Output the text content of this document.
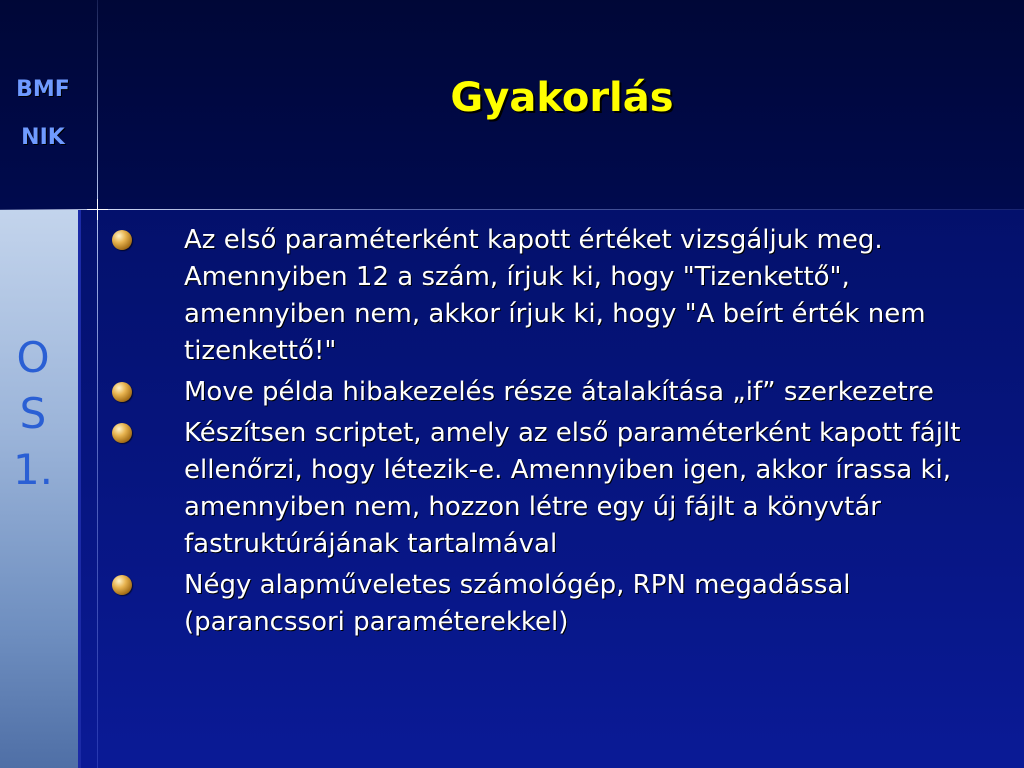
BMF
NIK
O
S
1.
Gyakorlás
Az első paraméterként kapott értéket vizsgáljuk meg. Amennyiben 12 a szám, írjuk ki, hogy "Tizenkettő", amennyiben nem, akkor írjuk ki, hogy "A beírt érték nem tizenkettő!"
Move példa hibakezelés része átalakítása „if” szerkezetre
Készítsen scriptet, amely az első paraméterként kapott fájlt ellenőrzi, hogy létezik-e. Amennyiben igen, akkor írassa ki, amennyiben nem, hozzon létre egy új fájlt a könyvtár fastruktúrájának tartalmával
Négy alapműveletes számológép, RPN megadással (parancssori paraméterekkel)
